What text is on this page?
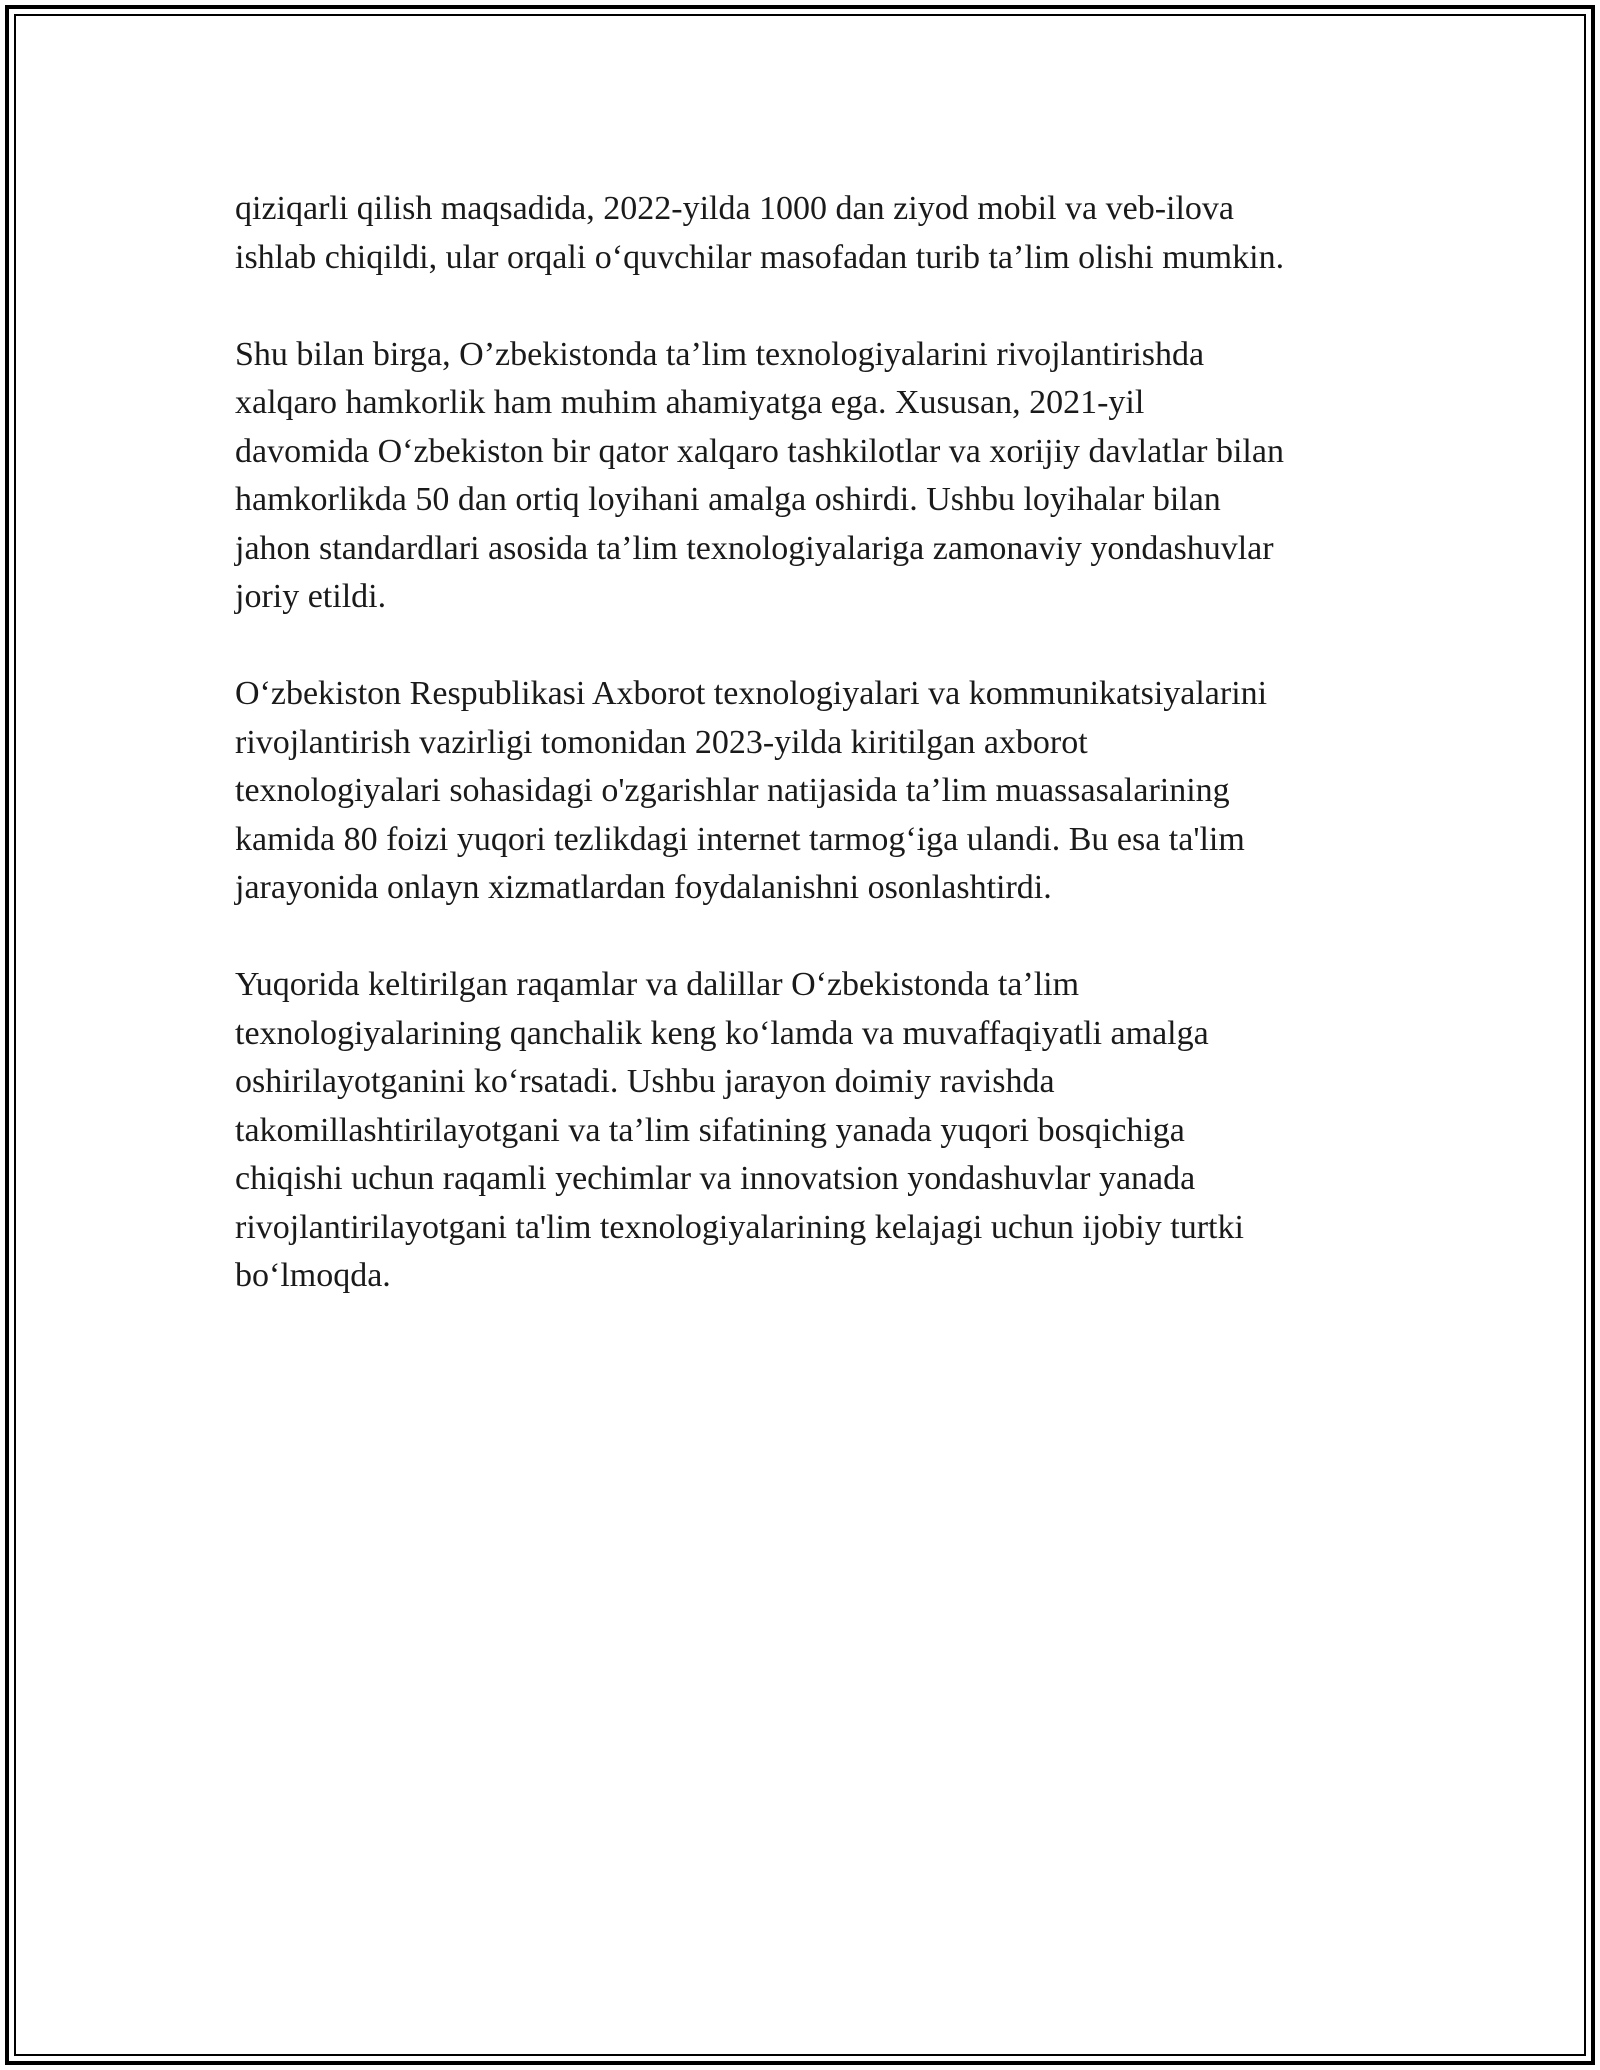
qiziqarli qilish maqsadida, 2022-yilda 1000 dan ziyod mobil va veb-ilova
ishlab chiqildi, ular orqali o‘quvchilar masofadan turib ta’lim olishi mumkin.

Shu bilan birga, O’zbekistonda ta’lim texnologiyalarini rivojlantirishda
xalqaro hamkorlik ham muhim ahamiyatga ega. Xususan, 2021-yil
davomida O‘zbekiston bir qator xalqaro tashkilotlar va xorijiy davlatlar bilan
hamkorlikda 50 dan ortiq loyihani amalga oshirdi. Ushbu loyihalar bilan
jahon standardlari asosida ta’lim texnologiyalariga zamonaviy yondashuvlar
joriy etildi.

O‘zbekiston Respublikasi Axborot texnologiyalari va kommunikatsiyalarini
rivojlantirish vazirligi tomonidan 2023-yilda kiritilgan axborot
texnologiyalari sohasidagi o'zgarishlar natijasida ta’lim muassasalarining
kamida 80 foizi yuqori tezlikdagi internet tarmog‘iga ulandi. Bu esa ta'lim
jarayonida onlayn xizmatlardan foydalanishni osonlashtirdi.

Yuqorida keltirilgan raqamlar va dalillar O‘zbekistonda ta’lim
texnologiyalarining qanchalik keng ko‘lamda va muvaffaqiyatli amalga
oshirilayotganini ko‘rsatadi. Ushbu jarayon doimiy ravishda
takomillashtirilayotgani va ta’lim sifatining yanada yuqori bosqichiga
chiqishi uchun raqamli yechimlar va innovatsion yondashuvlar yanada
rivojlantirilayotgani ta'lim texnologiyalarining kelajagi uchun ijobiy turtki
bo‘lmoqda.
